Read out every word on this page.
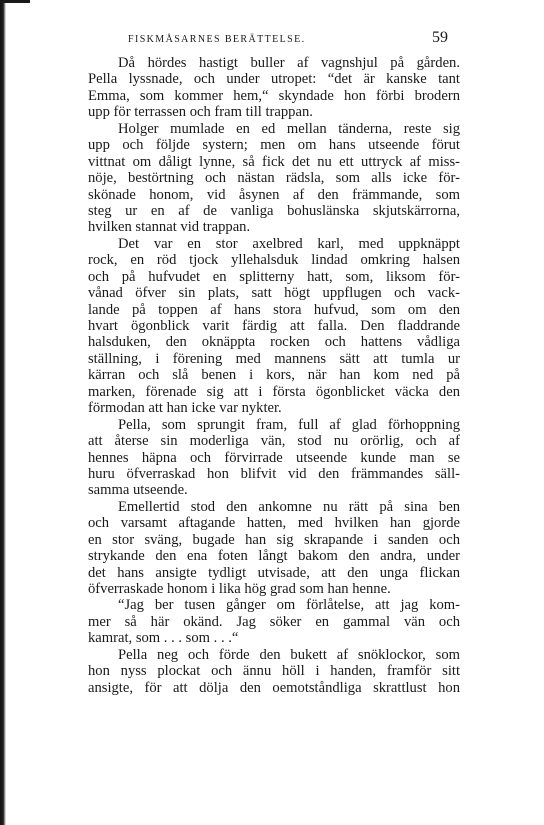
FISKMÅSARNES BERÄTTELSE.	59
Då hördes hastigt buller af vagnshjul på gården.
Pella lyssnade, och under utropet: “det är kanske tant
Emma, som kommer hem,“ skyndade hon förbi brodern
upp för terrassen och fram till trappan.
Holger mumlade en ed mellan tänderna, reste sig
upp och följde systern; men om hans utseende förut
vittnat om dåligt lynne, så fick det nu ett uttryck af miss-
nöje, bestörtning och nästan rädsla, som alls icke för-
skönade honom, vid åsynen af den främmande, som
steg ur en af de vanliga bohuslänska skjutskärrorna,
hvilken stannat vid trappan.
Det var en stor axelbred karl, med uppknäppt
rock, en röd tjock yllehalsduk lindad omkring halsen
och på hufvudet en splitterny hatt, som, liksom för-
vånad öfver sin plats, satt högt uppflugen och vack-
lande på toppen af hans stora hufvud, som om den
hvart ögonblick varit färdig att falla. Den fladdrande
halsduken, den oknäppta rocken och hattens vådliga
ställning, i förening med mannens sätt att tumla ur
kärran och slå benen i kors, när han kom ned på
marken, förenade sig att i första ögonblicket väcka den
förmodan att han icke var nykter.
Pella, som sprungit fram, full af glad förhoppning
att återse sin moderliga vän, stod nu orörlig, och af
hennes häpna och förvirrade utseende kunde man se
huru öfverraskad hon blifvit vid den främmandes säll-
samma utseende.
Emellertid stod den ankomne nu rätt på sina ben
och varsamt aftagande hatten, med hvilken han gjorde
en stor sväng, bugade han sig skrapande i sanden och
strykande den ena foten långt bakom den andra, under
det hans ansigte tydligt utvisade, att den unga flickan
öfverraskade honom i lika hög grad som han henne.
“Jag ber tusen gånger om förlåtelse, att jag kom-
mer så här okänd. Jag söker en gammal vän och
kamrat, som . . . som . . .“
Pella neg och förde den bukett af snöklockor, som
hon nyss plockat och ännu höll i handen, framför sitt
ansigte, för att dölja den oemotståndliga skrattlust hon
